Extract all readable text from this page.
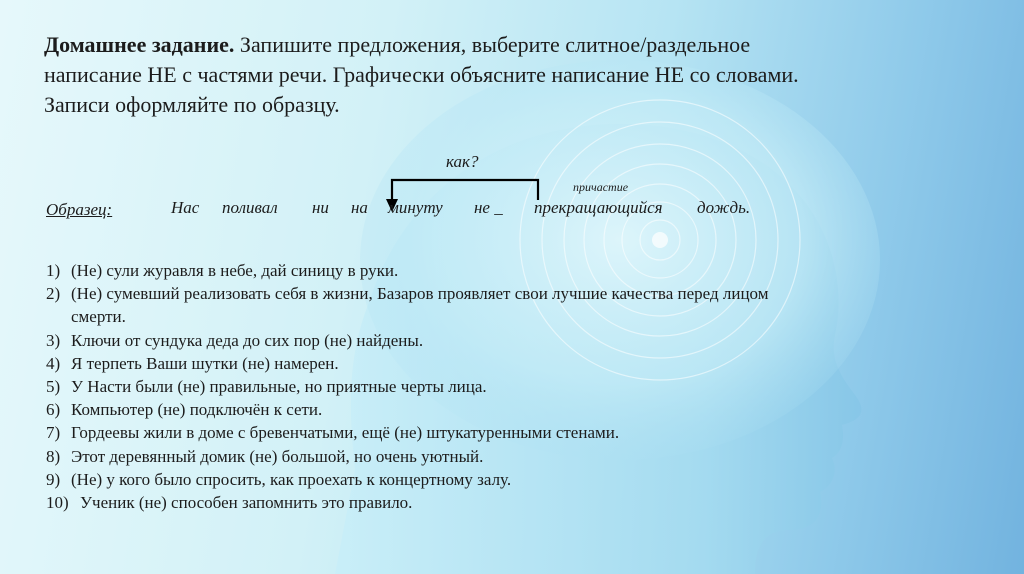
Домашнее задание. Запишите предложения, выберите слитное/раздельное
написание НЕ с частями речи. Графически объясните написание НЕ со словами.
Записи оформляйте по образцу.
как?
причастие
Образец:	Нас поливал ни на минуту не _ прекращающийся дождь.
1) (Не) сули журавля в небе, дай синицу в руки.
2) (Не) сумевший реализовать себя в жизни, Базаров проявляет свои лучшие качества перед лицом
смерти.
3) Ключи от сундука деда до сих пор (не) найдены.
4) Я терпеть Ваши шутки (не) намерен.
5) У Насти были (не) правильные, но приятные черты лица.
6) Компьютер (не) подключён к сети.
7) Гордеевы жили в доме с бревенчатыми, ещё (не) штукатуренными стенами.
8) Этот деревянный домик (не) большой, но очень уютный.
9) (Не) у кого было спросить, как проехать к концертному залу.
10) Ученик (не) способен запомнить это правило.
